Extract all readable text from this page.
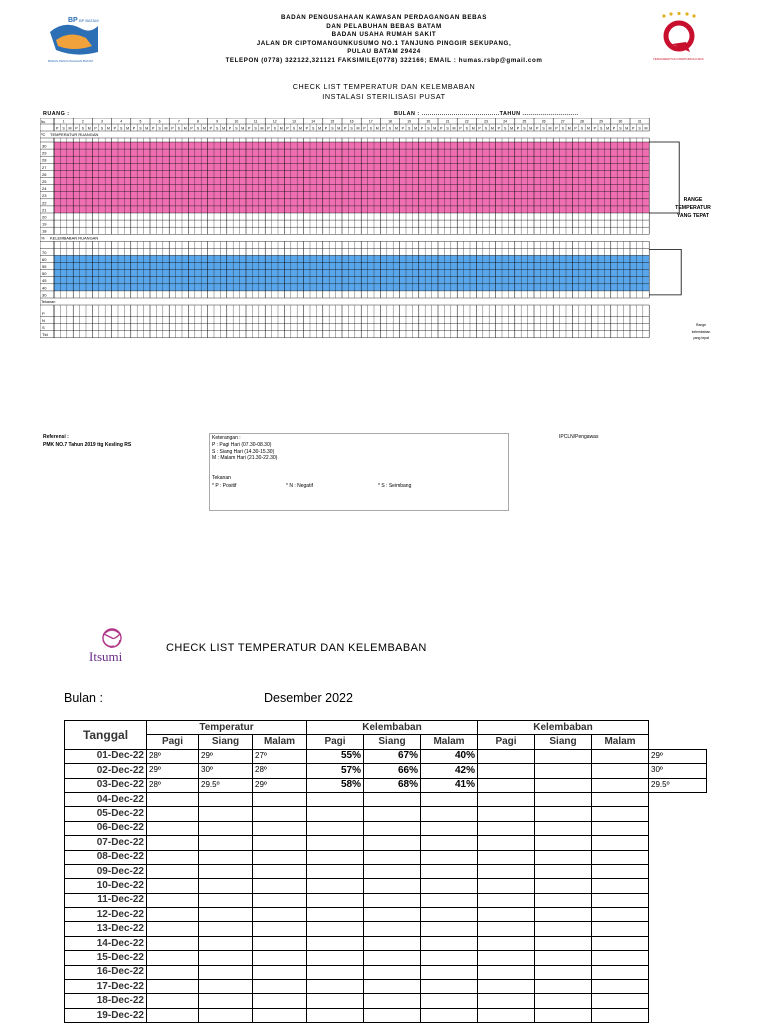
BP BP BATAM
BADAN PENGUSAHAAN BATAM	TERAKREDITASI PARIPURNA KARS
BADAN PENGUSAHAAN KAWASAN PERDAGANGAN BEBAS
DAN PELABUHAN BEBAS BATAM
BADAN USAHA RUMAH SAKIT
JALAN DR CIPTOMANGUNKUSUMO NO.1 TANJUNG PINGGIR SEKUPANG,
PULAU BATAM 29424
TELEPON (0778) 322122,321121 FAKSIMILE(0778) 322166; EMAIL : humas.rsbp@gmail.com
CHECK LIST TEMPERATUR DAN KELEMBABAN
INSTALASI STERILISASI PUSAT
RUANG :	BULAN : .......................................TAHUN ............................
No.	1	2	3	4	5	6	7	8	9	10	11	12	13	14	15	16	17	18	19	20	21	22	23	24	25	26	27	28	29	30	31
P S M P S M P S M P S M P S M P S M P S M P S M P S M P S M P S M P S M P S M P S M P S M P S M P S M P S M P S M P S M P S M P S M P S M P S M P S M P S M P S M P S M P S M P S M P S M
ºC TEMPERATUR RUANGAN
30
29
28
27
26
25
24
23
22
21
20
19
18
% KELEMBABAN RUANGAN
70
60
55
50
45
40
30
Tekanan
P
N
S
Ttd
RANGE
TEMPERATUR
YANG TEPAT
Range
kelembaban
yang tepat
Referensi :
PMK NO.7 Tahun 2019 ttg Kesling RS
Keterangan :
P : Pagi Hari (07.30-08.30)
S : Siang Hari (14.30-15.30)
M : Malam Hari (21.30-22.30)
Tekanan
* P : Positif	* N : Negatif	* S : Seimbang
IPCLN/Pengawas
Itsumi
CHECK LIST TEMPERATUR DAN KELEMBABAN
Bulan :	Desember 2022
Tanggal	Temperatur			Kelembaban			Kelembaban			
	Pagi	Siang	Malam	Pagi	Siang	Malam	Pagi	Siang	Malam	
01-Dec-22	28º	29º	27º	55%	67%	40%				29º
02-Dec-22	29º	30º	28º	57%	66%	42%				30º
03-Dec-22	28º	29.5º	29º	58%	68%	41%				29.5º
04-Dec-22										
05-Dec-22										
06-Dec-22										
07-Dec-22										
08-Dec-22										
09-Dec-22										
10-Dec-22										
11-Dec-22										
12-Dec-22										
13-Dec-22										
14-Dec-22										
15-Dec-22										
16-Dec-22										
17-Dec-22										
18-Dec-22										
19-Dec-22										
